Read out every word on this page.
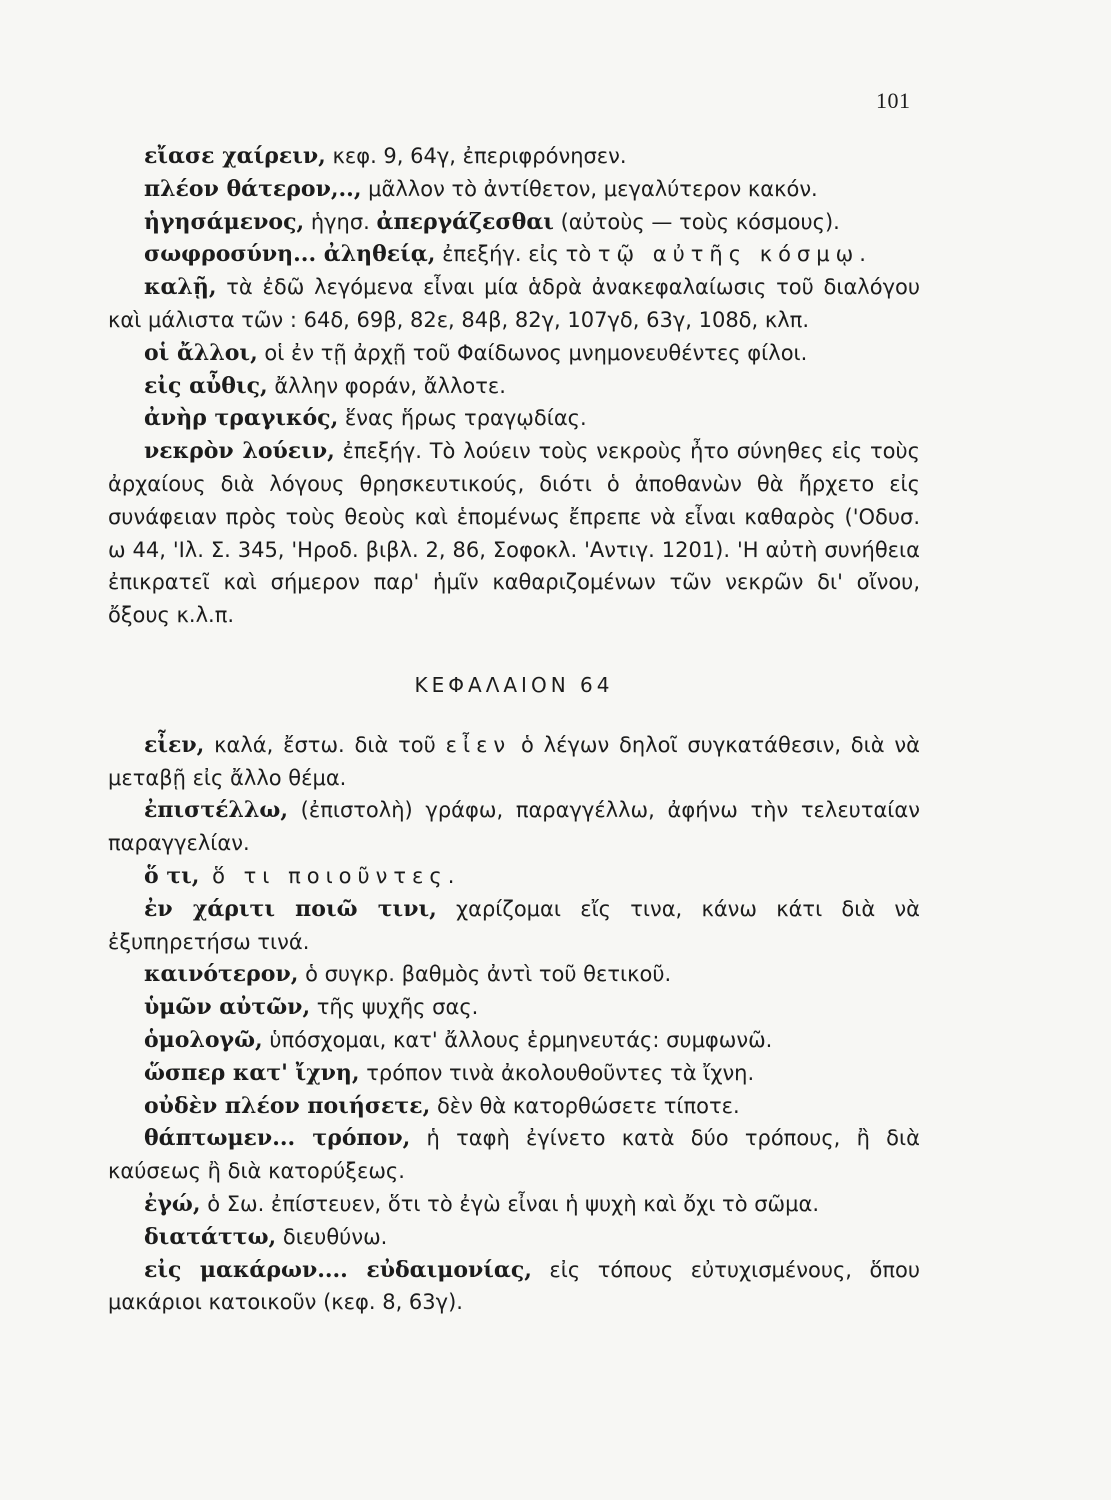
101

εἴασε χαίρειν, κεφ. 9, 64γ, ἐπεριφρόνησεν.

πλέον θάτερον,.., μᾶλλον τὸ ἀντίθετον, μεγαλύτερον κακόν.

ἡγησάμενος, ἡγησ. ἀπεργάζεσθαι (αὐτοὺς — τοὺς κόσμους).

σωφροσύνη... ἀληθείᾳ, ἐπεξήγ. εἰς τὸ τῷ αὐτῆς κόσμῳ.

καλῇ, τὰ ἐδῶ λεγόμενα εἶναι μία ἁδρὰ ἀνακεφαλαίωσις τοῦ διαλόγου καὶ μάλιστα τῶν : 64δ, 69β, 82ε, 84β, 82γ, 107γδ, 63γ, 108δ, κλπ.

οἱ ἄλλοι, οἱ ἐν τῇ ἀρχῇ τοῦ Φαίδωνος μνημονευθέντες φίλοι.

εἰς αὖθις, ἄλλην φοράν, ἄλλοτε.

ἀνὴρ τραγικός, ἕνας ἥρως τραγῳδίας.

νεκρὸν λούειν, ἐπεξήγ. Τὸ λούειν τοὺς νεκροὺς ἦτο σύνηθες εἰς τοὺς ἀρχαίους διὰ λόγους θρησκευτικούς, διότι ὁ ἀποθανὼν θὰ ἤρχετο εἰς συνάφειαν πρὸς τοὺς θεοὺς καὶ ἑπομένως ἔπρεπε νὰ εἶναι καθαρὸς ('Οδυσ. ω 44, 'Ιλ. Σ. 345, 'Ηροδ. βιβλ. 2, 86, Σοφοκλ. 'Αντιγ. 1201). 'Η αὐτὴ συνήθεια ἐπικρατεῖ καὶ σήμερον παρ' ἡμῖν καθαριζομένων τῶν νεκρῶν δι' οἴνου, ὄξους κ.λ.π.

ΚΕΦΑΛΑΙΟΝ 64

εἶεν, καλά, ἔστω. διὰ τοῦ εἶεν ὁ λέγων δηλοῖ συγκατάθεσιν, διὰ νὰ μεταβῇ εἰς ἄλλο θέμα.

ἐπιστέλλω, (ἐπιστολὴ) γράφω, παραγγέλλω, ἀφήνω τὴν τελευταίαν παραγγελίαν.

ὅ τι, ὅ τι ποιοῦντες.

ἐν χάριτι ποιῶ τινι, χαρίζομαι εἴς τινα, κάνω κάτι διὰ νὰ ἐξυπηρετήσω τινά.

καινότερον, ὁ συγκρ. βαθμὸς ἀντὶ τοῦ θετικοῦ.

ὑμῶν αὐτῶν, τῆς ψυχῆς σας.

ὁμολογῶ, ὑπόσχομαι, κατ' ἄλλους ἑρμηνευτάς: συμφωνῶ.

ὥσπερ κατ' ἴχνη, τρόπον τινὰ ἀκολουθοῦντες τὰ ἴχνη.

οὐδὲν πλέον ποιήσετε, δὲν θὰ κατορθώσετε τίποτε.

θάπτωμεν... τρόπον, ἡ ταφὴ ἐγίνετο κατὰ δύο τρόπους, ἢ διὰ καύσεως ἢ διὰ κατορύξεως.

ἐγώ, ὁ Σω. ἐπίστευεν, ὅτι τὸ ἐγὼ εἶναι ἡ ψυχὴ καὶ ὄχι τὸ σῶμα.

διατάττω, διευθύνω.

εἰς μακάρων.... εὐδαιμονίας, εἰς τόπους εὐτυχισμένους, ὅπου μακάριοι κατοικοῦν (κεφ. 8, 63γ).
